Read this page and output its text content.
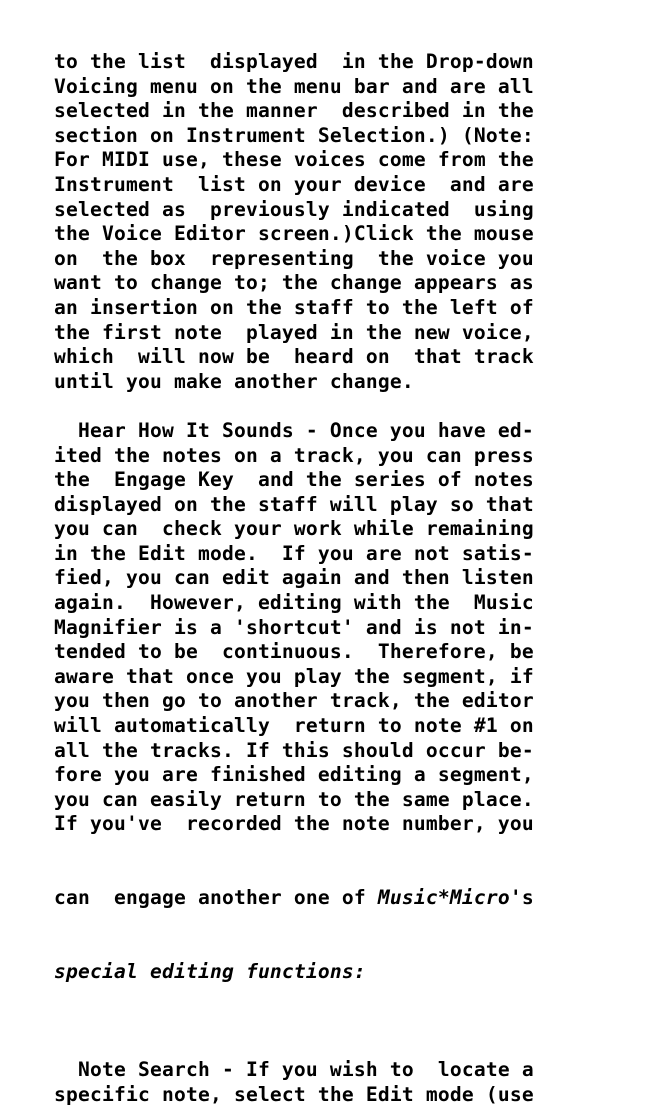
to the list  displayed  in the Drop-down
Voicing menu on the menu bar and are all
selected in the manner  described in the
section on Instrument Selection.) (Note:
For MIDI use, these voices come from the
Instrument  list on your device  and are
selected as  previously indicated  using
the Voice Editor screen.)Click the mouse
on  the box  representing  the voice you
want to change to; the change appears as
an insertion on the staff to the left of
the first note  played in the new voice,
which  will now be  heard on  that track
until you make another change.
Hear How It Sounds - Once you have ed-
ited the notes on a track, you can press
the  Engage Key  and the series of notes
displayed on the staff will play so that
you can  check your work while remaining
in the Edit mode.  If you are not satis-
fied, you can edit again and then listen
again.  However, editing with the  Music
Magnifier is a 'shortcut' and is not in-
tended to be  continuous.  Therefore, be
aware that once you play the segment, if
you then go to another track, the editor
will automatically  return to note #1 on
all the tracks. If this should occur be-
fore you are finished editing a segment,
you can easily return to the same place.
If you've  recorded the note number, you

can  engage another one of Music*Micro's

special editing functions:

Note Search - If you wish to  locate a
specific note, select the Edit mode (use
